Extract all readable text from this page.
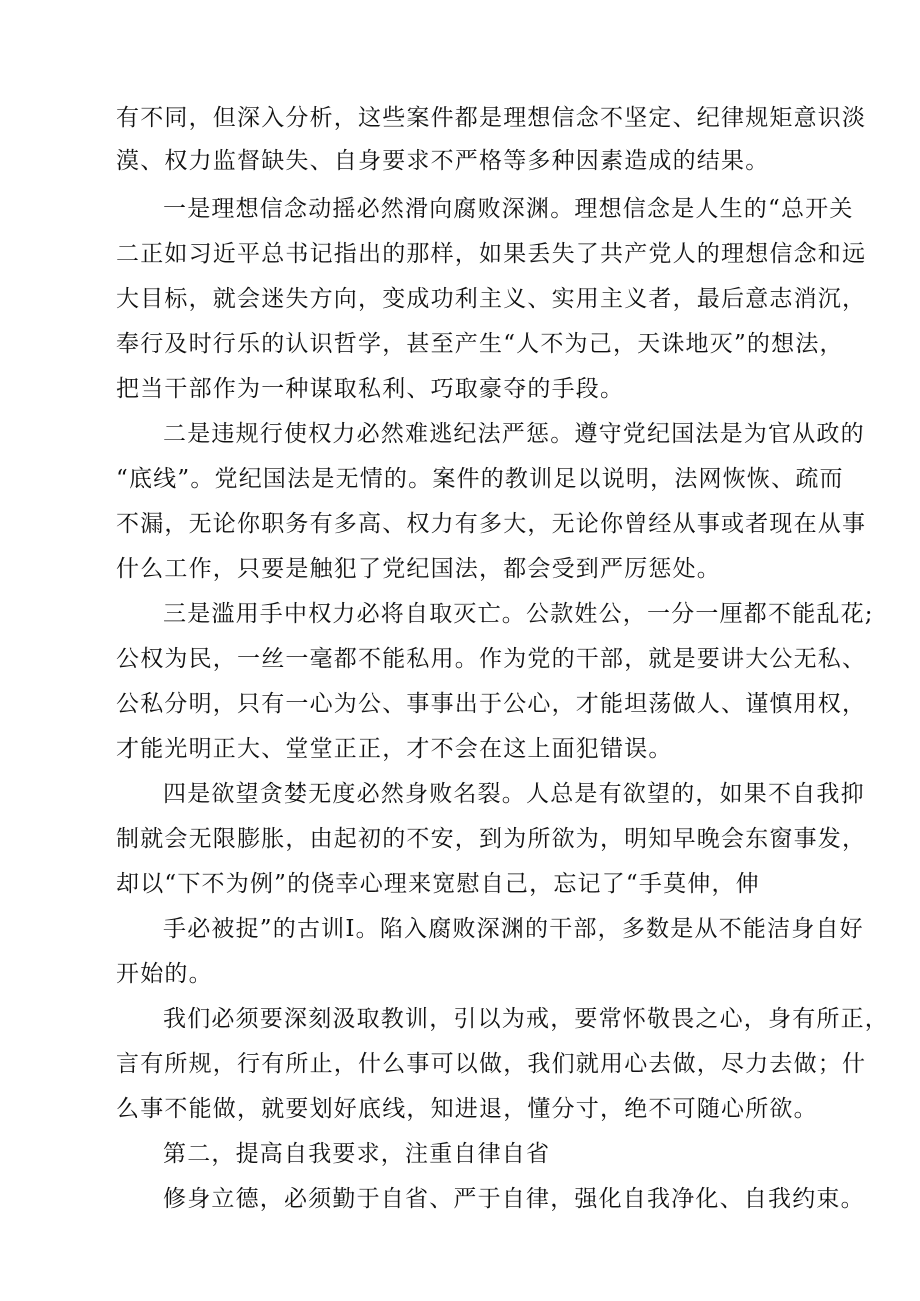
有不同，但深入分析，这些案件都是理想信念不坚定、纪律规矩意识淡
漠、权力监督缺失、自身要求不严格等多种因素造成的结果。
一是理想信念动摇必然滑向腐败深渊。理想信念是人生的“总开关
二正如习近平总书记指出的那样，如果丢失了共产党人的理想信念和远
大目标，就会迷失方向，变成功利主义、实用主义者，最后意志消沉，
奉行及时行乐的认识哲学，甚至产生“人不为己，天诛地灭”的想法，
把当干部作为一种谋取私利、巧取豪夺的手段。
二是违规行使权力必然难逃纪法严惩。遵守党纪国法是为官从政的
“底线”。党纪国法是无情的。案件的教训足以说明，法网恢恢、疏而
不漏，无论你职务有多高、权力有多大，无论你曾经从事或者现在从事
什么工作，只要是触犯了党纪国法，都会受到严厉惩处。
三是滥用手中权力必将自取灭亡。公款姓公，一分一厘都不能乱花;
公权为民，一丝一毫都不能私用。作为党的干部，就是要讲大公无私、
公私分明，只有一心为公、事事出于公心，才能坦荡做人、谨慎用权，
才能光明正大、堂堂正正，才不会在这上面犯错误。
四是欲望贪婪无度必然身败名裂。人总是有欲望的，如果不自我抑
制就会无限膨胀，由起初的不安，到为所欲为，明知早晚会东窗事发，
却以“下不为例”的侥幸心理来宽慰自己，忘记了“手莫伸，伸
手必被捉”的古训I。陷入腐败深渊的干部，多数是从不能洁身自好
开始的。
我们必须要深刻汲取教训，引以为戒，要常怀敬畏之心，身有所正，
言有所规，行有所止，什么事可以做，我们就用心去做，尽力去做；什
么事不能做，就要划好底线，知进退，懂分寸，绝不可随心所欲。
第二，提高自我要求，注重自律自省
修身立德，必须勤于自省、严于自律，强化自我净化、自我约束。
